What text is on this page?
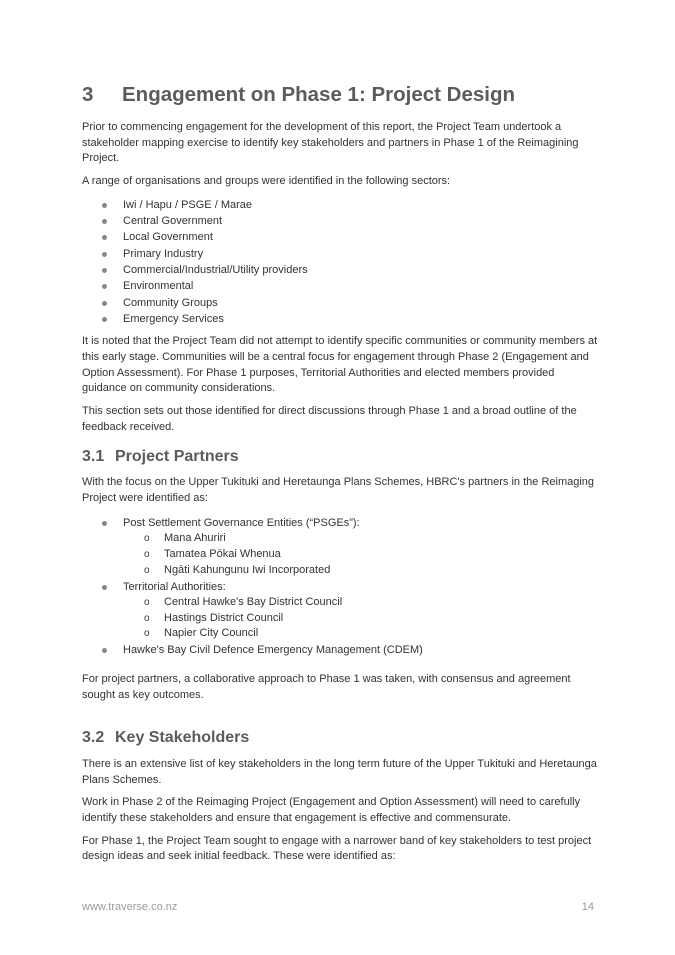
3 Engagement on Phase 1: Project Design

Prior to commencing engagement for the development of this report, the Project Team undertook a stakeholder mapping exercise to identify key stakeholders and partners in Phase 1 of the Reimagining Project.

A range of organisations and groups were identified in the following sectors:

Iwi / Hapu / PSGE / Marae
Central Government
Local Government
Primary Industry
Commercial/Industrial/Utility providers
Environmental
Community Groups
Emergency Services

It is noted that the Project Team did not attempt to identify specific communities or community members at this early stage. Communities will be a central focus for engagement through Phase 2 (Engagement and Option Assessment). For Phase 1 purposes, Territorial Authorities and elected members provided guidance on community considerations.

This section sets out those identified for direct discussions through Phase 1 and a broad outline of the feedback received.

3.1 Project Partners

With the focus on the Upper Tukituki and Heretaunga Plans Schemes, HBRC's partners in the Reimaging Project were identified as:

Post Settlement Governance Entities (“PSGEs”):
o Mana Ahuriri
o Tamatea Pōkai Whenua
o Ngāti Kahungunu Iwi Incorporated
Territorial Authorities:
o Central Hawke's Bay District Council
o Hastings District Council
o Napier City Council
Hawke's Bay Civil Defence Emergency Management (CDEM)

For project partners, a collaborative approach to Phase 1 was taken, with consensus and agreement sought as key outcomes.

3.2 Key Stakeholders

There is an extensive list of key stakeholders in the long term future of the Upper Tukituki and Heretaunga Plans Schemes.

Work in Phase 2 of the Reimaging Project (Engagement and Option Assessment) will need to carefully identify these stakeholders and ensure that engagement is effective and commensurate.

For Phase 1, the Project Team sought to engage with a narrower band of key stakeholders to test project design ideas and seek initial feedback. These were identified as:

www.traverse.co.nz	14
